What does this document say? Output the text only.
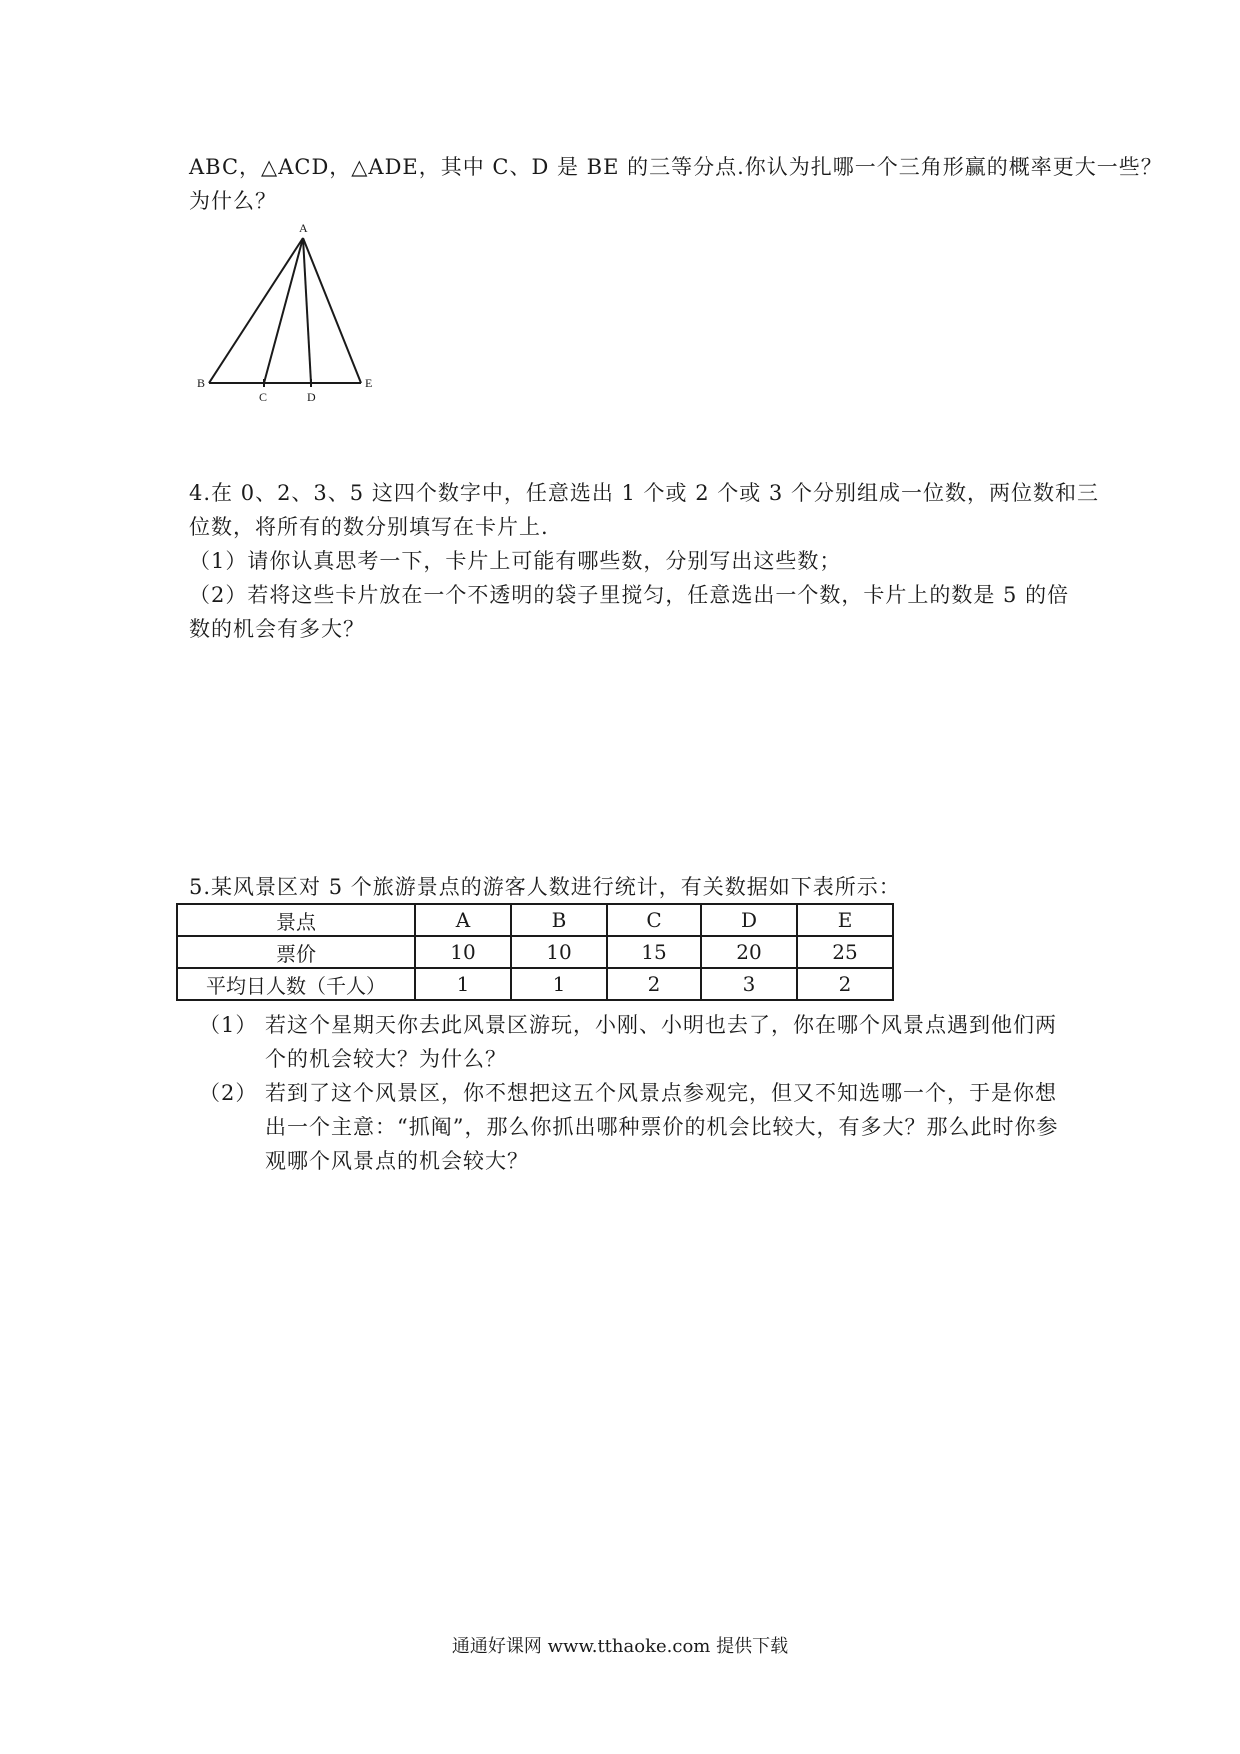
ABC，△ACD，△ADE，其中 C、D 是 BE 的三等分点.你认为扎哪一个三角形赢的概率更大一些？
为什么？
A
B
C	D
E
4.在 0、2、3、5 这四个数字中，任意选出 1 个或 2 个或 3 个分别组成一位数，两位数和三
位数，将所有的数分别填写在卡片上.
（1）请你认真思考一下，卡片上可能有哪些数，分别写出这些数；
（2）若将这些卡片放在一个不透明的袋子里搅匀，任意选出一个数，卡片上的数是 5 的倍
数的机会有多大？
5.某风景区对 5 个旅游景点的游客人数进行统计，有关数据如下表所示：
景点	A	B	C	D	E
票价	10	10	15	20	25
平均日人数（千人）	1	1	2	3	2
（1） 若这个星期天你去此风景区游玩，小刚、小明也去了，你在哪个风景点遇到他们两
个的机会较大？为什么？
（2） 若到了这个风景区，你不想把这五个风景点参观完，但又不知选哪一个，于是你想
出一个主意：“抓阄”，那么你抓出哪种票价的机会比较大，有多大？那么此时你参
观哪个风景点的机会较大？
通通好课网 www.tthaoke.com 提供下载
